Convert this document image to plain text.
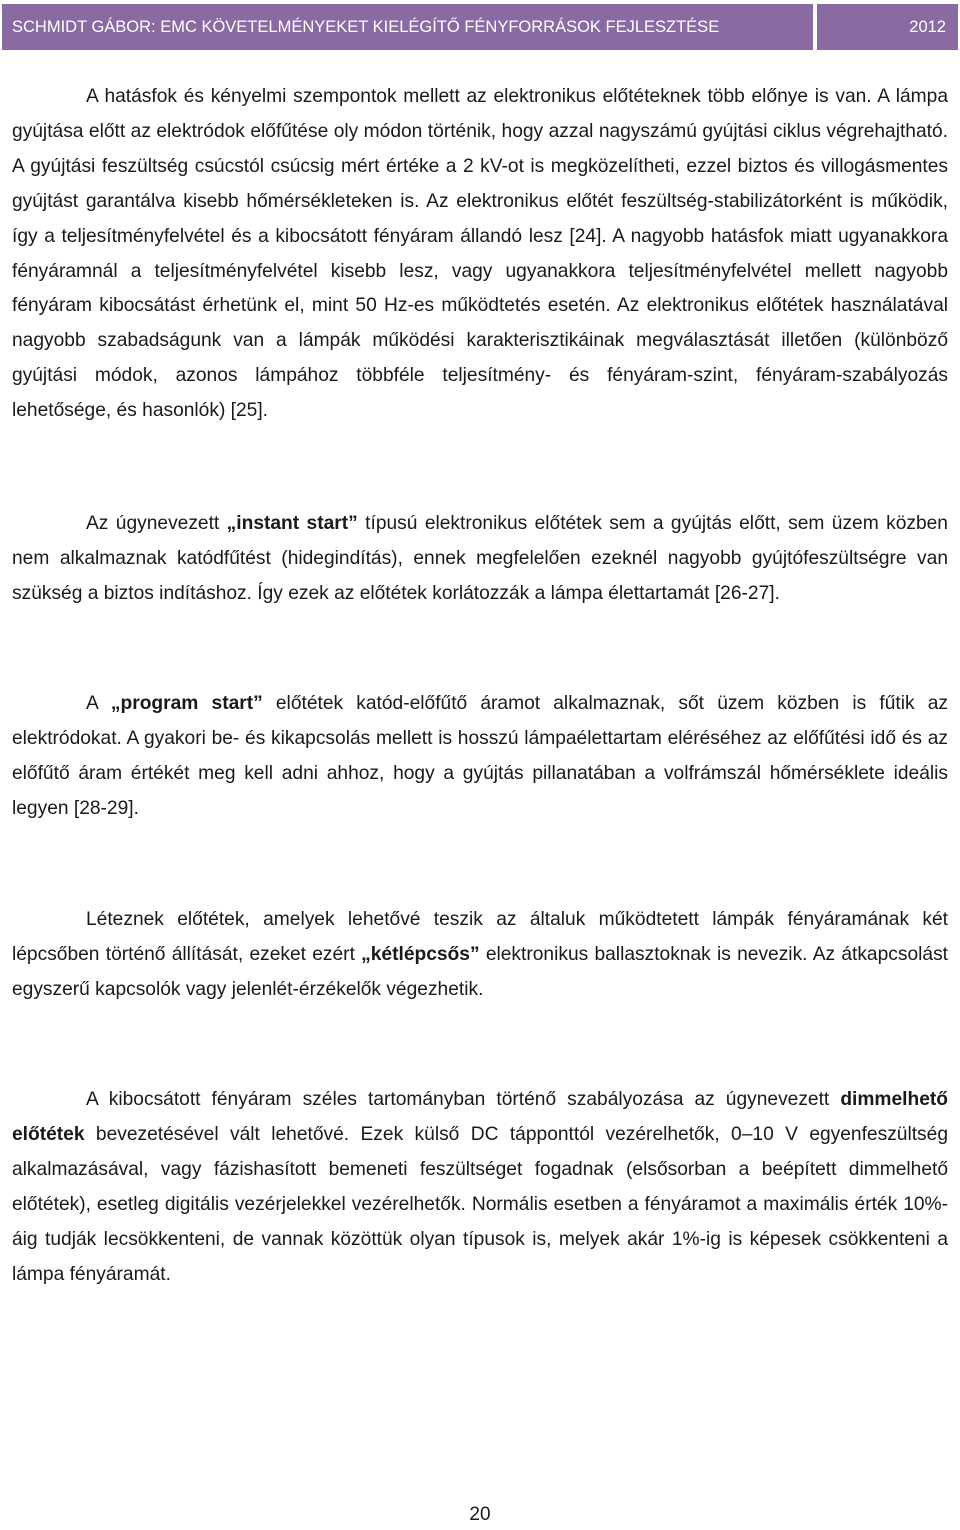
SCHMIDT GÁBOR: EMC KÖVETELMÉNYEKET KIELÉGÍTŐ FÉNYFORRÁSOK FEJLESZTÉSE	2012

A hatásfok és kényelmi szempontok mellett az elektronikus előtéteknek több előnye is van. A lámpa gyújtása előtt az elektródok előfűtése oly módon történik, hogy azzal nagyszámú gyújtási ciklus végrehajtható. A gyújtási feszültség csúcstól csúcsig mért értéke a 2 kV-ot is megközelítheti, ezzel biztos és villogásmentes gyújtást garantálva kisebb hőmérsékleteken is. Az elektronikus előtét feszültség-stabilizátorként is működik, így a teljesítményfelvétel és a kibocsátott fényáram állandó lesz [24]. A nagyobb hatásfok miatt ugyanakkora fényáramnál a teljesítményfelvétel kisebb lesz, vagy ugyanakkora teljesítményfelvétel mellett nagyobb fényáram kibocsátást érhetünk el, mint 50 Hz-es működtetés esetén. Az elektronikus előtétek használatával nagyobb szabadságunk van a lámpák működési karakterisztikáinak megválasztását illetően (különböző gyújtási módok, azonos lámpához többféle teljesítmény- és fényáram-szint, fényáram-szabályozás lehetősége, és hasonlók) [25].

Az úgynevezett „instant start” típusú elektronikus előtétek sem a gyújtás előtt, sem üzem közben nem alkalmaznak katódfűtést (hidegindítás), ennek megfelelően ezeknél nagyobb gyújtófeszültségre van szükség a biztos indításhoz. Így ezek az előtétek korlátozzák a lámpa élettartamát [26-27].

A „program start” előtétek katód-előfűtő áramot alkalmaznak, sőt üzem közben is fűtik az elektródokat. A gyakori be- és kikapcsolás mellett is hosszú lámpaélettartam eléréséhez az előfűtési idő és az előfűtő áram értékét meg kell adni ahhoz, hogy a gyújtás pillanatában a volfrámszál hőmérséklete ideális legyen [28-29].

Léteznek előtétek, amelyek lehetővé teszik az általuk működtetett lámpák fényáramának két lépcsőben történő állítását, ezeket ezért „kétlépcsős” elektronikus ballasztoknak is nevezik. Az átkapcsolást egyszerű kapcsolók vagy jelenlét-érzékelők végezhetik.

A kibocsátott fényáram széles tartományban történő szabályozása az úgynevezett dimmelhető előtétek bevezetésével vált lehetővé. Ezek külső DC tápponttól vezérelhetők, 0–10 V egyenfeszültség alkalmazásával, vagy fázishasított bemeneti feszültséget fogadnak (elsősorban a beépített dimmelhető előtétek), esetleg digitális vezérjelekkel vezérelhetők. Normális esetben a fényáramot a maximális érték 10%-áig tudják lecsökkenteni, de vannak közöttük olyan típusok is, melyek akár 1%-ig is képesek csökkenteni a lámpa fényáramát.

20
